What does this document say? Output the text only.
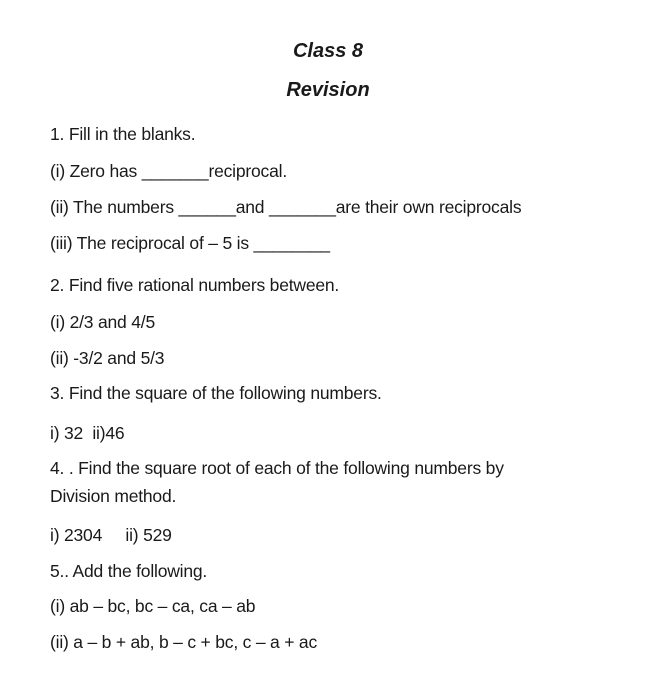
Class 8
Revision
1. Fill in the blanks.
(i) Zero has _______reciprocal.
(ii) The numbers ______and _______are their own reciprocals
(iii) The reciprocal of – 5 is ________
2. Find five rational numbers between.
(i) 2/3 and 4/5
(ii) -3/2 and 5/3
3. Find the square of the following numbers.
i) 32  ii)46
4. . Find the square root of each of the following numbers by
Division method.
i) 2304     ii) 529
5.. Add the following.
(i) ab – bc, bc – ca, ca – ab
(ii) a – b + ab, b – c + bc, c – a + ac
